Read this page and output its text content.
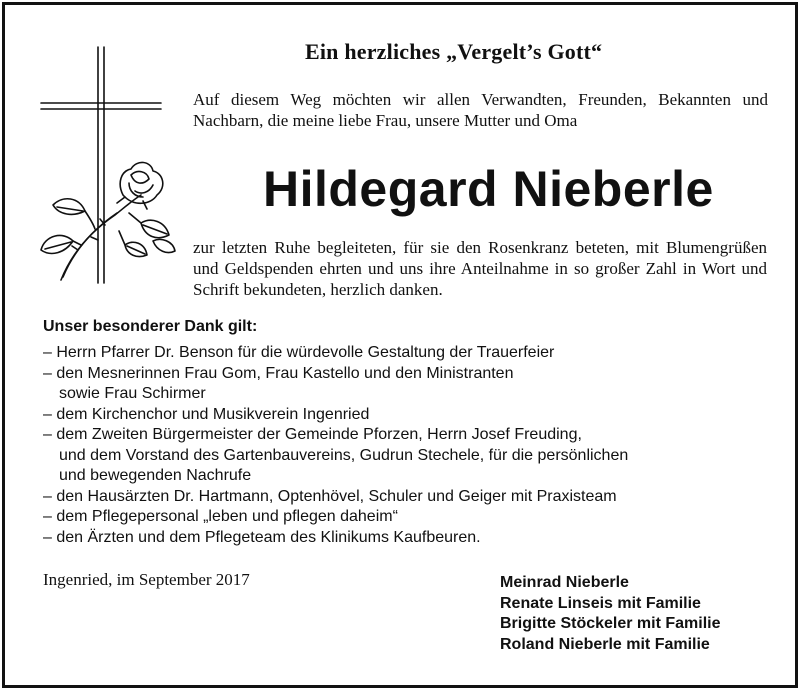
Ein herzliches „Vergelt’s Gott“
Auf diesem Weg möchten wir allen Verwandten, Freunden, Bekannten und Nachbarn, die meine liebe Frau, unsere Mutter und Oma
Hildegard Nieberle
zur letzten Ruhe begleiteten, für sie den Rosenkranz beteten, mit Blumengrüßen und Geldspenden ehrten und uns ihre Anteilnahme in so großer Zahl in Wort und Schrift bekundeten, herzlich danken.
Unser besonderer Dank gilt:
– Herrn Pfarrer Dr. Benson für die würdevolle Gestaltung der Trauerfeier
– den Mesnerinnen Frau Gom, Frau Kastello und den Ministranten
sowie Frau Schirmer
– dem Kirchenchor und Musikverein Ingenried
– dem Zweiten Bürgermeister der Gemeinde Pforzen, Herrn Josef Freuding,
und dem Vorstand des Gartenbauvereins, Gudrun Stechele, für die persönlichen
und bewegenden Nachrufe
– den Hausärzten Dr. Hartmann, Optenhövel, Schuler und Geiger mit Praxisteam
– dem Pflegepersonal „leben und pflegen daheim“
– den Ärzten und dem Pflegeteam des Klinikums Kaufbeuren.
Ingenried, im September 2017	Meinrad Nieberle
Renate Linseis mit Familie
Brigitte Stöckeler mit Familie
Roland Nieberle mit Familie
